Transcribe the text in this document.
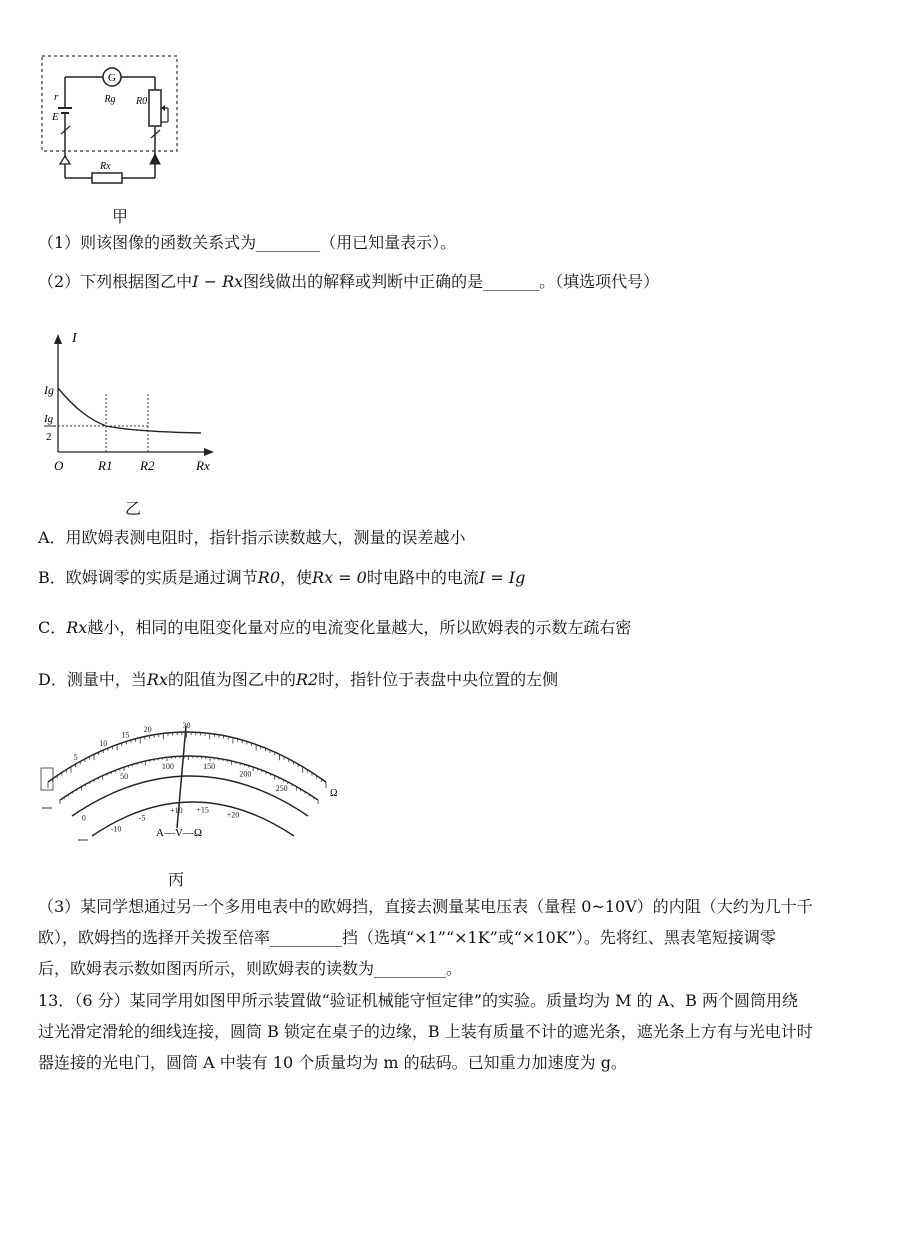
G
Rg
r
E
R0
Rx
甲
（1）则该图像的函数关系式为________（用已知量表示）。
（2）下列根据图乙中I − Rx图线做出的解释或判断中正确的是_______。（填选项代号）
I
Ig
Ig
2
O	R1 R2	Rx
乙
A．用欧姆表测电阻时，指针指示读数越大，测量的误差越小
B．欧姆调零的实质是通过调节R0，使Rx = 0时电路中的电流I = Ig
C．Rx越小，相同的电阻变化量对应的电流变化量越大，所以欧姆表的示数左疏右密
D．测量中，当Rx的阻值为图乙中的R2时，指针位于表盘中央位置的左侧
30
20
15
10
5
50
100	150
200
250
0
+15
+20
+10
-10
-5
Ω
A—V—Ω
丙
（3）某同学想通过另一个多用电表中的欧姆挡，直接去测量某电压表（量程 0~10V）的内阻（大约为几十千
欧），欧姆挡的选择开关拨至倍率_________挡（选填“×1”“×1K”或“×10K”）。先将红、黑表笔短接调零
后，欧姆表示数如图丙所示，则欧姆表的读数为_________。
13．（6 分）某同学用如图甲所示装置做“验证机械能守恒定律”的实验。质量均为 M 的 A、B 两个圆筒用绕
过光滑定滑轮的细线连接，圆筒 B 锁定在桌子的边缘，B 上装有质量不计的遮光条，遮光条上方有与光电计时
器连接的光电门，圆筒 A 中装有 10 个质量均为 m 的砝码。已知重力加速度为 g。
